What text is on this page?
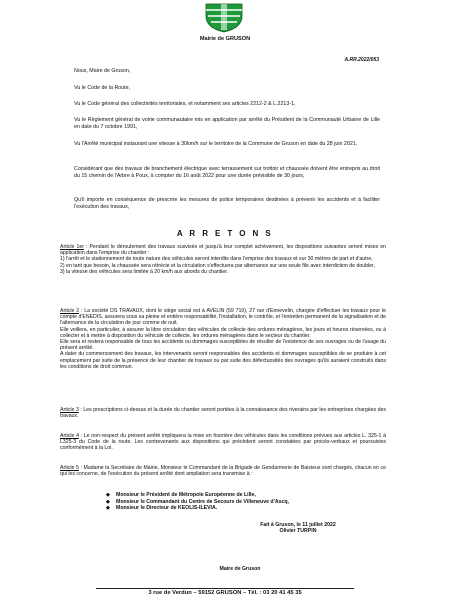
Mairie de GRUSON
A.RR.2022/053
Nous, Maire de Gruson,
Vu le Code de la Route,
Vu le Code général des collectivités territoriales, et notamment ses articles 2212-2 & L.2213-1,
Vu le Règlement général de voirie communautaire mis en application par arrêté du Président de la Communauté Urbaine de Lille en date du 7 octobre 1991,
Vu l'Arrêté municipal instaurant une vitesse à 30km/h sur le territoire de la Commune de Gruson en date du 28 juin 2021,
Considérant que des travaux de branchement électrique avec terrassement sur trottoir et chaussée doivent être entrepris au droit du 15 chemin de l'Arbre à Poux, à compter du 16 août 2022 pour une durée prévisible de 30 jours,
Qu'il importe en conséquence de prescrire les mesures de police temporaires destinées à prévenir les accidents et à faciliter l'exécution des travaux,
A R R E T O N S

Article 1er : Pendant le déroulement des travaux susvisés et jusqu'à leur complet achèvement, les dispositions suivantes seront mises en application dans l'emprise du chantier :

1) l'arrêt et le stationnement de toute nature des véhicules seront interdits dans l'emprise des travaux et sur 30 mètres de part et d'autre,

2) en tant que besoin, la chaussée sera rétrécie et la circulation s'effectuera par alternance sur une seule file avec interdiction de doubler,

3) la vitesse des véhicules sera limitée à 20 km/h aux abords du chantier.

Article 2 : La société DS TRAVAUX, dont le siège social est à AVELIN (59 710), 27 rue d'Ennevelin, chargée d'effectuer les travaux pour le compte d'ENEDIS, assurera sous sa pleine et entière responsabilité, l'installation, le contrôle, et l'entretien permanent de la signalisation et de l'alternance de la circulation de jour comme de nuit.

Elle veillera, en particulier, à assurer la libre circulation des véhicules de collecte des ordures ménagères, les jours et heures réservées, ou à collecter et à mettre à disposition du véhicule de collecte, les ordures ménagères dans le secteur du chantier.

Elle sera et restera responsable de tous les accidents ou dommages susceptibles de résulter de l'existence de ses ouvrages ou de l'usage du présent arrêté.

A dater du commencement des travaux, les intervenants seront responsables des accidents et dommages susceptibles de se produire à cet emplacement par suite de la présence de leur chantier de travaux ou par suite des défectuosités des ouvrages qu'ils auraient construits dans les conditions de droit commun.

Article 3 : Les prescriptions ci-dessus et la durée du chantier seront portées à la connaissance des riverains par les entreprises chargées des travaux.

Article 4 : Le non-respect du présent arrêté impliquera la mise en fourrière des véhicules dans les conditions prévues aux articles L. 325-1 à L325-3 du Code de la route. Les contrevenants aux dispositions qui précèdent seront constatées par procès-verbaux et poursuivies conformément à la Loi.

Article 5 : Madame la Secrétaire de Mairie, Monsieur le Commandant de la Brigade de Gendarmerie de Baisieux sont chargés, chacun en ce qui les concerne, de l'exécution du présent arrêté dont ampliation sera transmise à :

◆	Monsieur le Président de Métropole Européenne de Lille,
◆	Monsieur le Commandant du Centre de Secours de Villeneuve d'Ascq,
◆	Monsieur le Directeur de KEOLIS-ILEVIA.
Fait à Gruson, le 11 juillet 2022
Olivier TURPIN
Maire de Gruson
3 rue de Verdun – 59152 GRUSON – Tél. : 03 20 41 45 35
